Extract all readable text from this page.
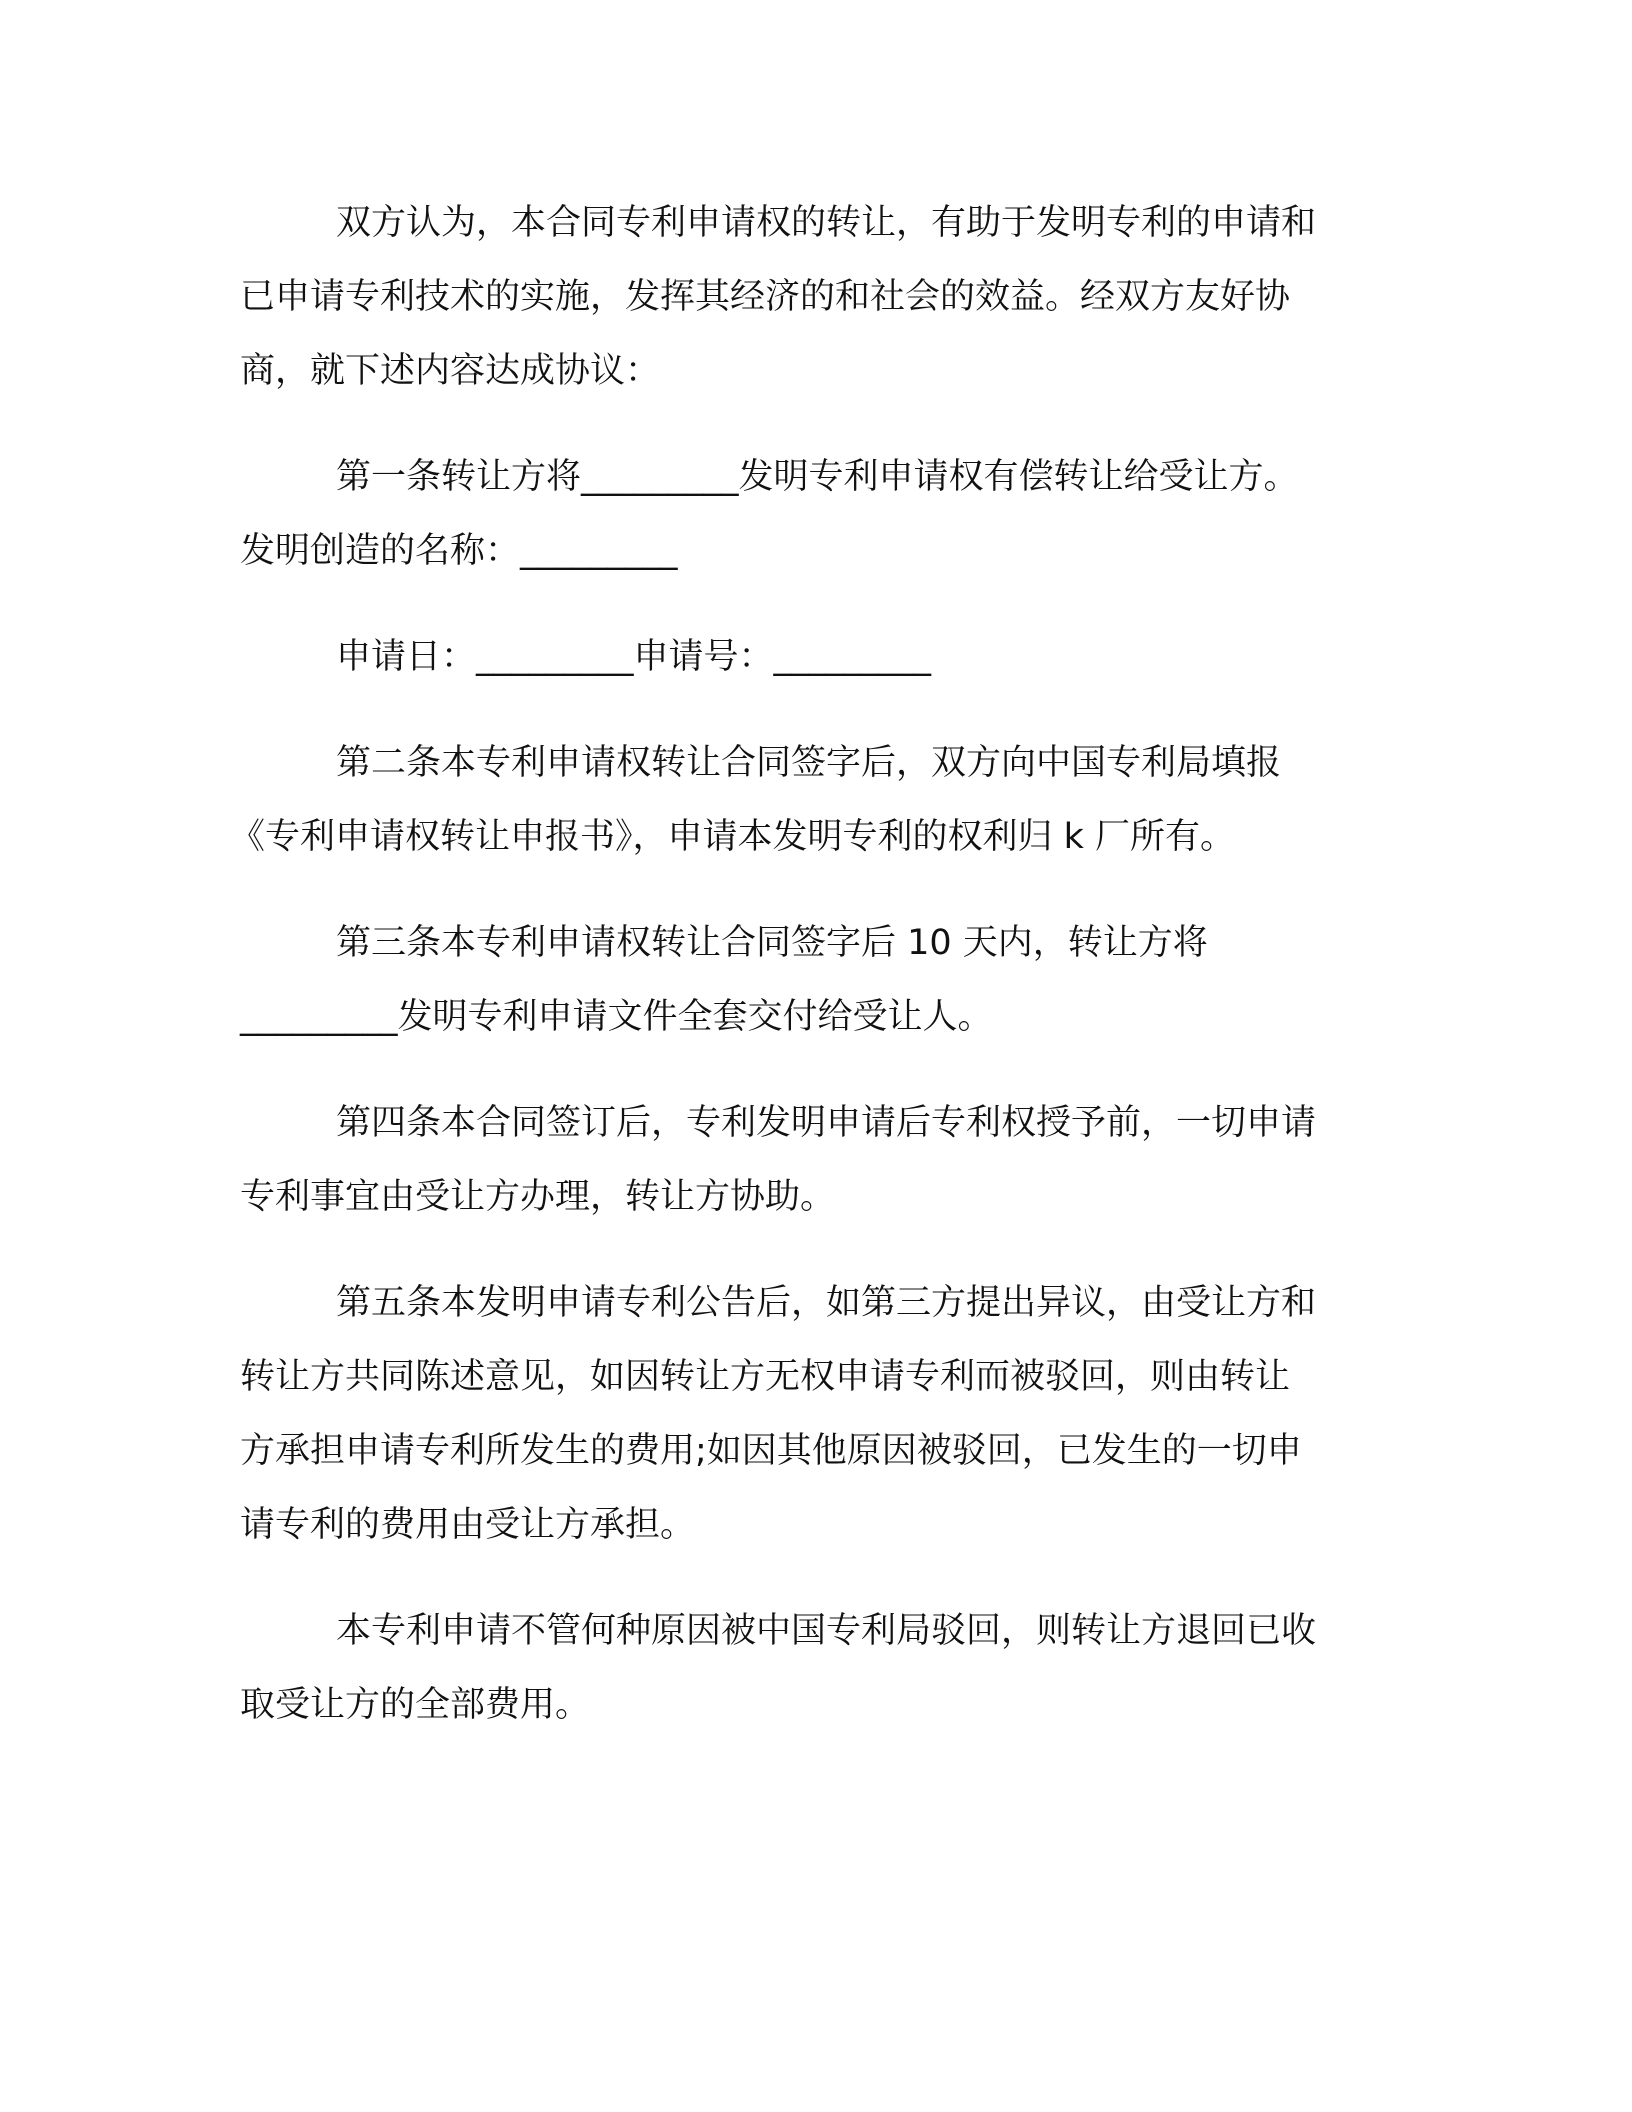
双方认为，本合同专利申请权的转让，有助于发明专利的申请和
已申请专利技术的实施，发挥其经济的和社会的效益。经双方友好协
商，就下述内容达成协议：

第一条转让方将_________发明专利申请权有偿转让给受让方。
发明创造的名称：_________

申请日：_________申请号：_________

第二条本专利申请权转让合同签字后，双方向中国专利局填报
《专利申请权转让申报书》，申请本发明专利的权利归 k 厂所有。

第三条本专利申请权转让合同签字后 10 天内，转让方将
_________发明专利申请文件全套交付给受让人。

第四条本合同签订后，专利发明申请后专利权授予前，一切申请
专利事宜由受让方办理，转让方协助。

第五条本发明申请专利公告后，如第三方提出异议，由受让方和
转让方共同陈述意见，如因转让方无权申请专利而被驳回，则由转让
方承担申请专利所发生的费用;如因其他原因被驳回，已发生的一切申
请专利的费用由受让方承担。

本专利申请不管何种原因被中国专利局驳回，则转让方退回已收
取受让方的全部费用。
